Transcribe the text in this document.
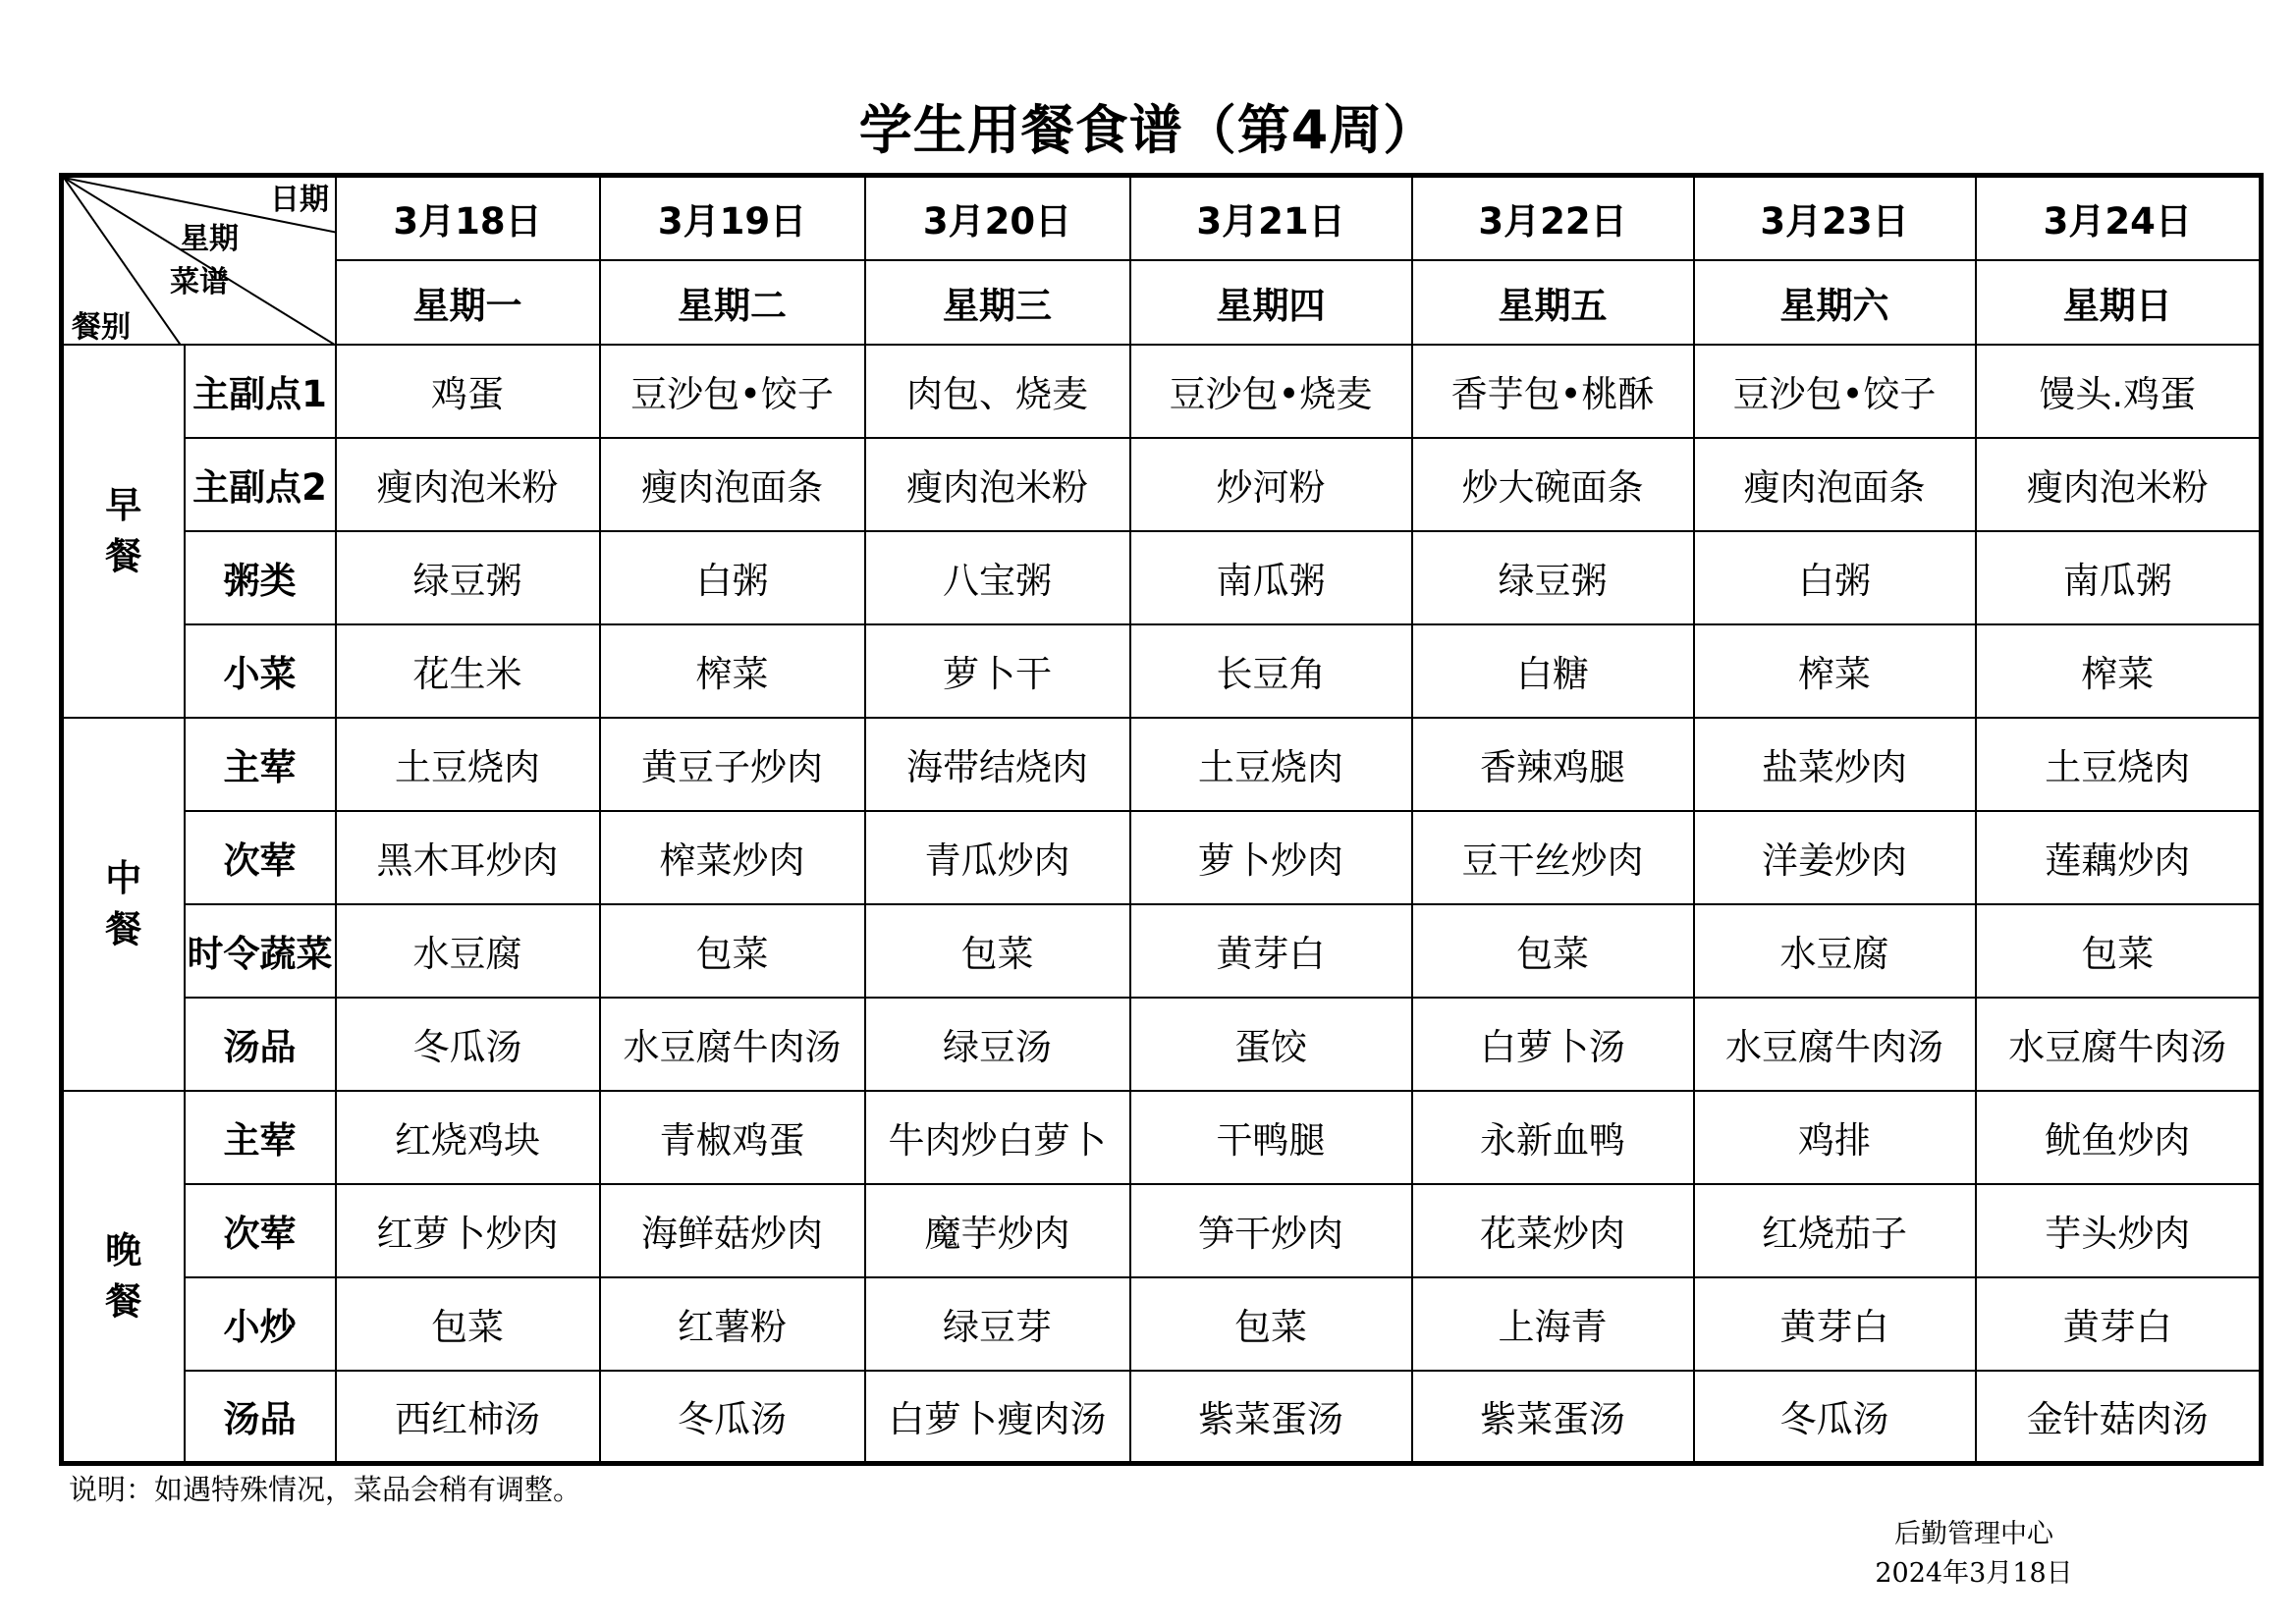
学生用餐食谱（第4周）
日期
星期
菜谱
餐别		3月18日	3月19日	3月20日	3月21日	3月22日	3月23日	3月24日
		星期一	星期二	星期三	星期四	星期五	星期六	星期日

早
餐	主副点1	鸡蛋	豆沙包•饺子	肉包、烧麦	豆沙包•烧麦	香芋包•桃酥	豆沙包•饺子	馒头.鸡蛋
	主副点2	瘦肉泡米粉	瘦肉泡面条	瘦肉泡米粉	炒河粉	炒大碗面条	瘦肉泡面条	瘦肉泡米粉
	粥类	绿豆粥	白粥	八宝粥	南瓜粥	绿豆粥	白粥	南瓜粥
	小菜	花生米	榨菜	萝卜干	长豆角	白糖	榨菜	榨菜

中
餐	主荤	土豆烧肉	黄豆子炒肉	海带结烧肉	土豆烧肉	香辣鸡腿	盐菜炒肉	土豆烧肉
	次荤	黑木耳炒肉	榨菜炒肉	青瓜炒肉	萝卜炒肉	豆干丝炒肉	洋姜炒肉	莲藕炒肉
	时令蔬菜	水豆腐	包菜	包菜	黄芽白	包菜	水豆腐	包菜
	汤品	冬瓜汤	水豆腐牛肉汤	绿豆汤	蛋饺	白萝卜汤	水豆腐牛肉汤	水豆腐牛肉汤

晚
餐	主荤	红烧鸡块	青椒鸡蛋	牛肉炒白萝卜	干鸭腿	永新血鸭	鸡排	鱿鱼炒肉
	次荤	红萝卜炒肉	海鲜菇炒肉	魔芋炒肉	笋干炒肉	花菜炒肉	红烧茄子	芋头炒肉
	小炒	包菜	红薯粉	绿豆芽	包菜	上海青	黄芽白	黄芽白
	汤品	西红柿汤	冬瓜汤	白萝卜瘦肉汤	紫菜蛋汤	紫菜蛋汤	冬瓜汤	金针菇肉汤
说明：如遇特殊情况，菜品会稍有调整。
后勤管理中心
2024年3月18日
